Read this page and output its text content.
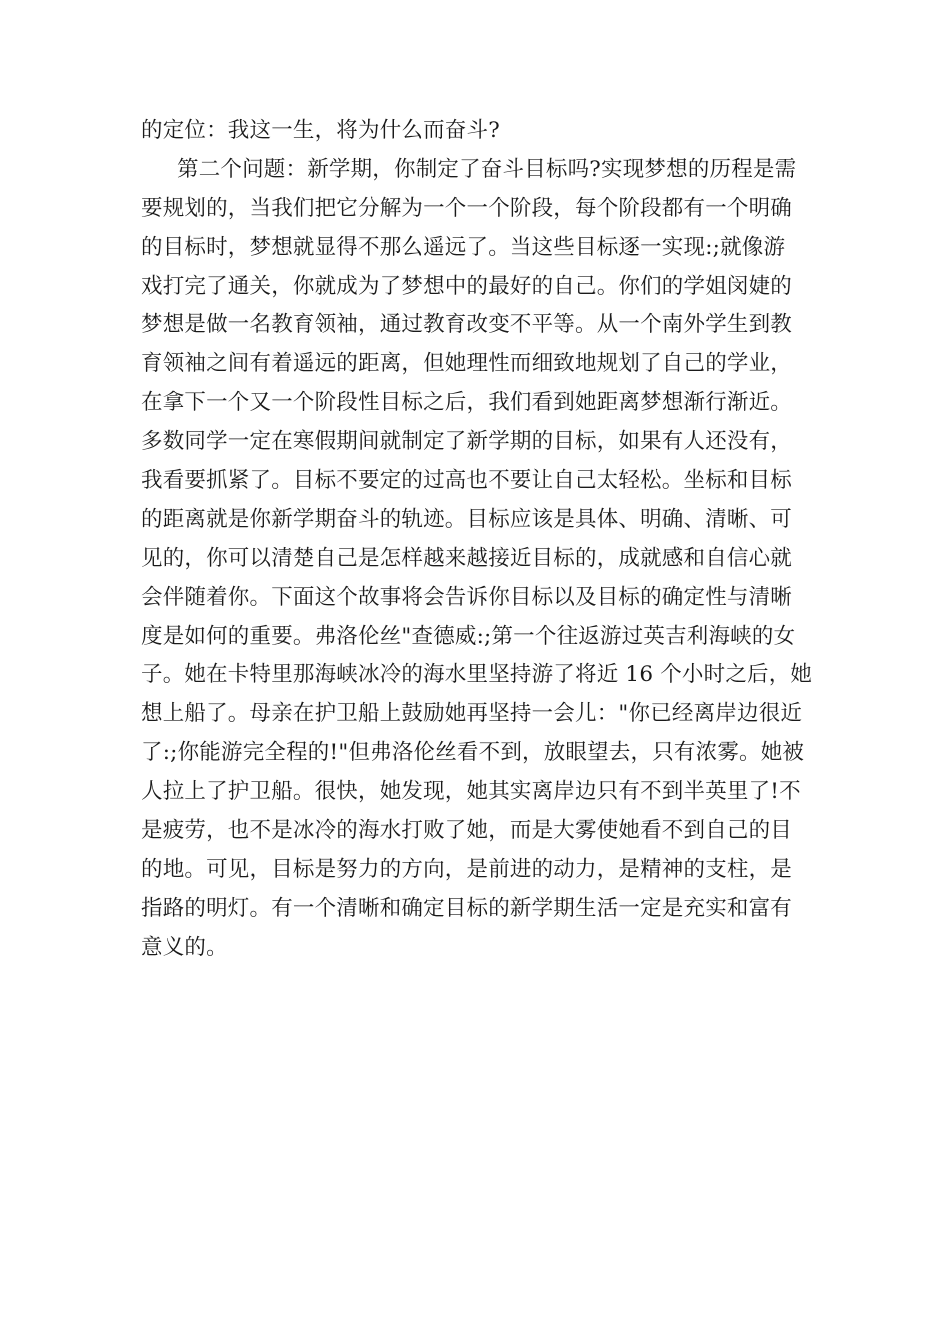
的定位：我这一生，将为什么而奋斗?
第二个问题：新学期，你制定了奋斗目标吗?实现梦想的历程是需
要规划的，当我们把它分解为一个一个阶段，每个阶段都有一个明确
的目标时，梦想就显得不那么遥远了。当这些目标逐一实现:;就像游
戏打完了通关，你就成为了梦想中的最好的自己。你们的学姐闵婕的
梦想是做一名教育领袖，通过教育改变不平等。从一个南外学生到教
育领袖之间有着遥远的距离，但她理性而细致地规划了自己的学业，
在拿下一个又一个阶段性目标之后，我们看到她距离梦想渐行渐近。
多数同学一定在寒假期间就制定了新学期的目标，如果有人还没有，
我看要抓紧了。目标不要定的过高也不要让自己太轻松。坐标和目标
的距离就是你新学期奋斗的轨迹。目标应该是具体、明确、清晰、可
见的，你可以清楚自己是怎样越来越接近目标的，成就感和自信心就
会伴随着你。下面这个故事将会告诉你目标以及目标的确定性与清晰
度是如何的重要。弗洛伦丝"查德威:;第一个往返游过英吉利海峡的女
子。她在卡特里那海峡冰冷的海水里坚持游了将近 16 个小时之后，她
想上船了。母亲在护卫船上鼓励她再坚持一会儿："你已经离岸边很近
了:;你能游完全程的!"但弗洛伦丝看不到，放眼望去，只有浓雾。她被
人拉上了护卫船。很快，她发现，她其实离岸边只有不到半英里了!不
是疲劳，也不是冰冷的海水打败了她，而是大雾使她看不到自己的目
的地。可见，目标是努力的方向，是前进的动力，是精神的支柱，是
指路的明灯。有一个清晰和确定目标的新学期生活一定是充实和富有
意义的。
